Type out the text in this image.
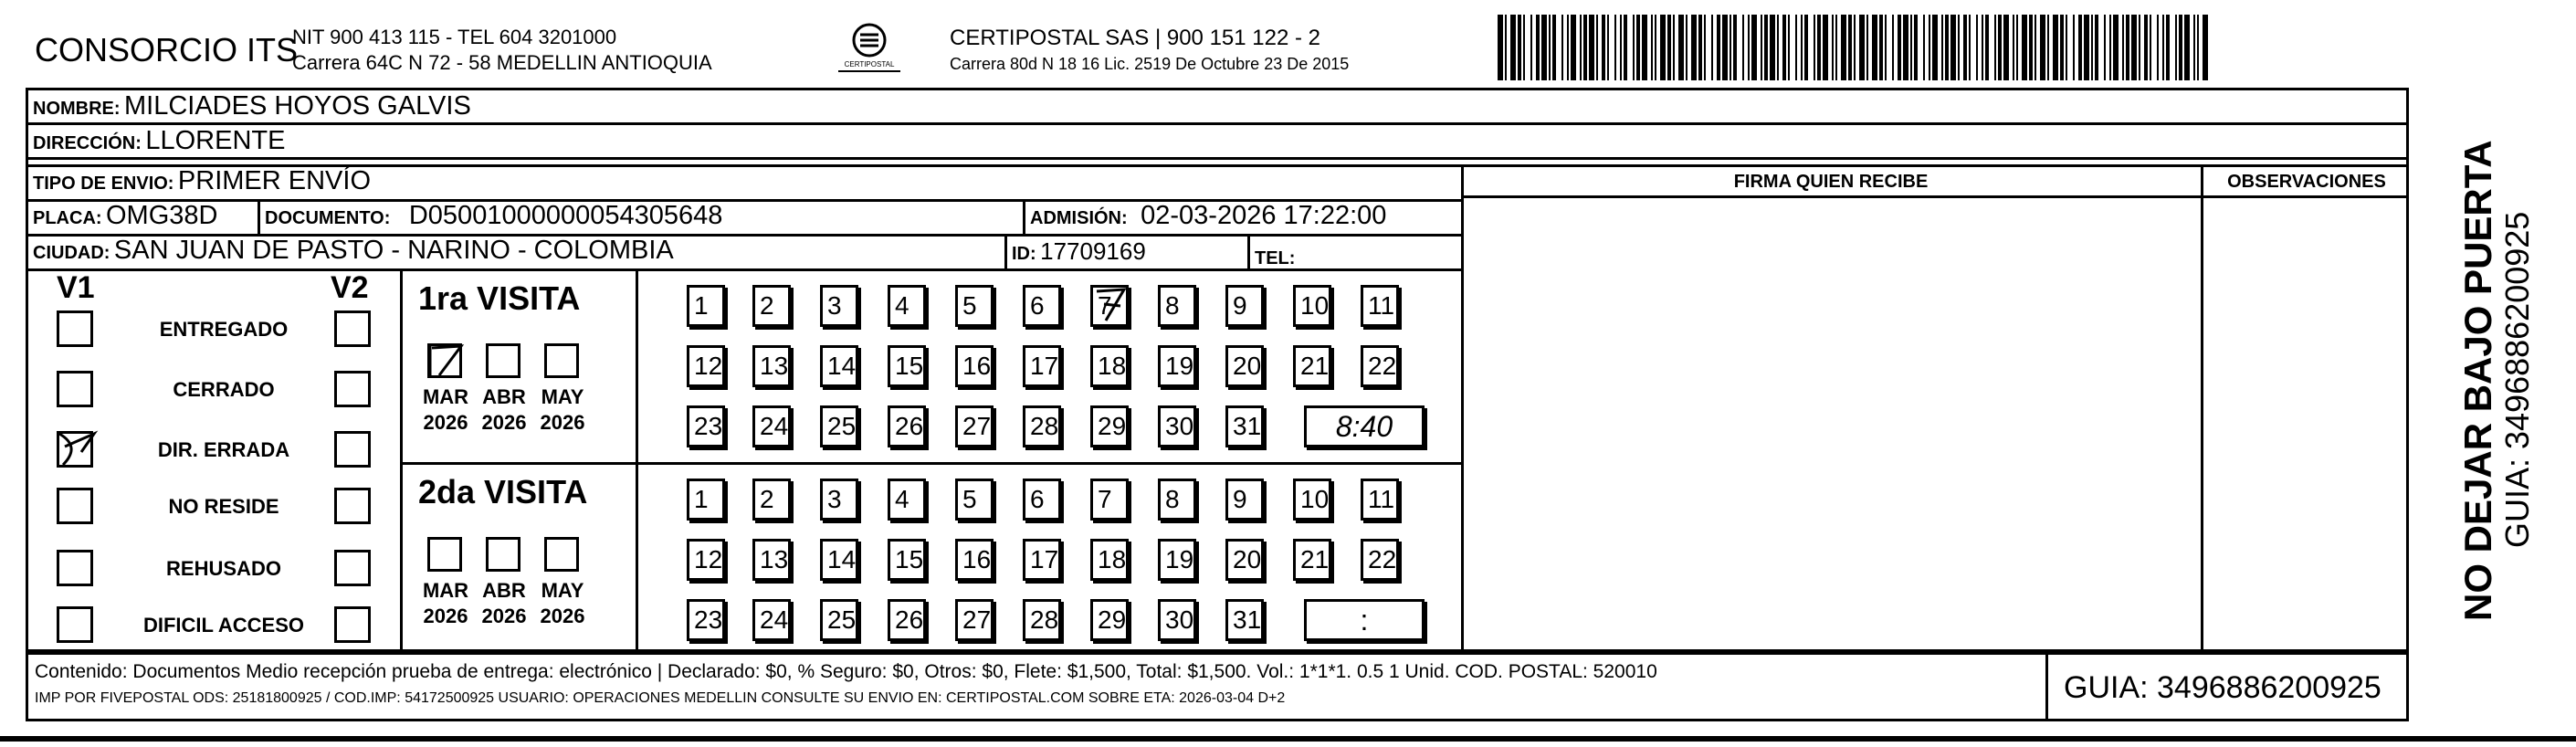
CONSORCIO ITS
NIT 900 413 115 - TEL 604 3201000
Carrera 64C N 72 - 58 MEDELLIN ANTIOQUIA	CERTIPOSTAL
CERTIPOSTAL SAS | 900 151 122 - 2
Carrera 80d N 18 16 Lic. 2519 De Octubre 23 De 2015
NOMBRE: MILCIADES HOYOS GALVIS
DIRECCIÓN: LLORENTE
TIPO DE ENVIO: PRIMER ENVÍO
PLACA: OMG38D	DOCUMENTO: D05001000000054305648	ADMISIÓN: 02-03-2026 17:22:00
CIUDAD: SAN JUAN DE PASTO - NARINO - COLOMBIA	ID: 17709169	TEL:
FIRMA QUIEN RECIBE	OBSERVACIONES
V1	V2
ENTREGADO
CERRADO
DIR. ERRADA
NO RESIDE
REHUSADO
DIFICIL ACCESO
1ra VISITA
MAR
2026
ABR
2026
MAY
2026
1	2	3	4	5	6	7	8	9	10 11
12 13 14 15 16 17 18 19 20 21 22
23 24 25 26 27 28 29 30 31	8:40
2da VISITA
MAR
2026
ABR
2026
MAY
2026
1	2	3	4	5	6	7	8	9	10 11
12 13 14 15 16 17 18 19 20 21 22
23 24 25 26 27 28 29 30 31	:	NO DEJAR BAJO PUERTA GUIA: 3496886200925
Contenido: Documentos Medio recepción prueba de entrega: electrónico | Declarado: $0, % Seguro: $0, Otros: $0, Flete: $1,500, Total: $1,500. Vol.: 1*1*1. 0.5 1 Unid. COD. POSTAL: 520010
IMP POR FIVEPOSTAL ODS: 25181800925 / COD.IMP: 54172500925 USUARIO: OPERACIONES MEDELLIN CONSULTE SU ENVIO EN: CERTIPOSTAL.COM SOBRE ETA: 2026-03-04 D+2	GUIA: 3496886200925
